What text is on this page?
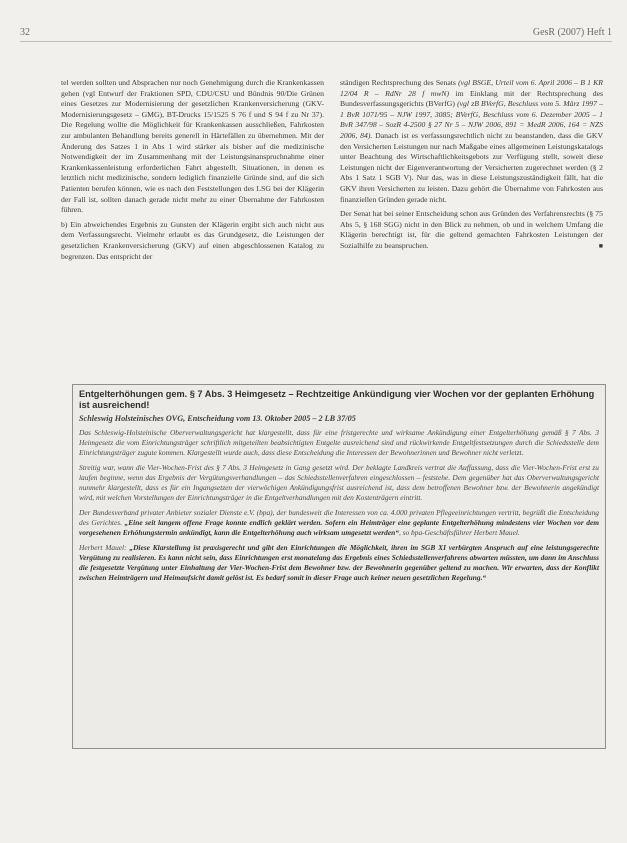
32	GesR (2007) Heft 1

tel werden sollten und Absprachen nur noch Genehmigung durch die Krankenkassen gehen (vgl Entwurf der Fraktionen SPD, CDU/CSU und Bündnis 90/Die Grünen eines Gesetzes zur Modernisierung der gesetzlichen Krankenversicherung (GKV-Modernisierungsgesetz – GMG), BT-Drucks 15/1525 S 76 f und S 94 f zu Nr 37). Die Regelung wollte die Möglichkeit für Krankenkassen ausschließen, Fahrkosten zur ambulanten Behandlung bereits generell in Härtefällen zu übernehmen. Mit der Änderung des Satzes 1 in Abs 1 wird stärker als bisher auf die medizinische Notwendigkeit der im Zusammenhang mit der Leistungsinanspruchnahme einer Krankenkassenleistung erforderlichen Fahrt abgestellt. Situationen, in denen es letztlich nicht medizinische, sondern lediglich finanzielle Gründe sind, auf die sich Patienten berufen können, wie es nach den Feststellungen des LSG bei der Klägerin der Fall ist, sollten danach gerade nicht mehr zu einer Übernahme der Fahrkosten führen.

b) Ein abweichendes Ergebnis zu Gunsten der Klägerin ergibt sich auch nicht aus dem Verfassungsrecht. Vielmehr erlaubt es das Grundgesetz, die Leistungen der gesetzlichen Krankenversicherung (GKV) auf einen abgeschlossenen Katalog zu begrenzen. Das entspricht der

ständigen Rechtsprechung des Senats (vgl BSGE, Urteil vom 6. April 2006 – B 1 KR 12/04 R – RdNr 28 f mwN) im Einklang mit der Rechtsprechung des Bundesverfassungsgerichts (BVerfG) (vgl zB BVerfG, Beschluss vom 5. März 1997 – 1 BvR 1071/95 – NJW 1997, 3085; BVerfG, Beschluss vom 6. Dezember 2005 – 1 BvR 347/98 – SozR 4-2500 § 27 Nr 5 – NJW 2006, 891 = MedR 2006, 164 = NZS 2006, 84). Danach ist es verfassungsrechtlich nicht zu beanstanden, dass die GKV den Versicherten Leistungen nur nach Maßgabe eines allgemeinen Leistungskatalogs unter Beachtung des Wirtschaftlichkeitsgebots zur Verfügung stellt, soweit diese Leistungen nicht der Eigenverantwortung der Versicherten zugerechnet werden (§ 2 Abs 1 Satz 1 SGB V). Nur das, was in diese Leistungszuständigkeit fällt, hat die GKV ihren Versicherten zu leisten. Dazu gehört die Übernahme von Fahrkosten aus finanziellen Gründen gerade nicht.

Der Senat hat bei seiner Entscheidung schon aus Gründen des Verfahrensrechts (§ 75 Abs 5, § 168 SGG) nicht in den Blick zu nehmen, ob und in welchem Umfang die Klägerin berechtigt ist, für die geltend gemachten Fahrkosten Leistungen der Sozialhilfe zu beanspruchen.	■

Entgelterhöhungen gem. § 7 Abs. 3 Heimgesetz – Rechtzeitige Ankündigung vier Wochen vor der geplanten Erhöhung ist ausreichend!
Schleswig Holsteinisches OVG, Entscheidung vom 13. Oktober 2005 – 2 LB 37/05

Das Schleswig-Holsteinische Oberverwaltungsgericht hat klargestellt, dass für eine fristgerechte und wirksame Ankündigung einer Entgelterhöhung gemäß § 7 Abs. 3 Heimgesetz die vom Einrichtungsträger schriftlich mitgeteilten beabsichtigten Entgelte ausreichend sind und rückwirkende Entgeltfestsetzungen durch die Schiedsstelle dem Einrichtungsträger zugute kommen. Klargestellt wurde auch, dass diese Entscheidung die Interessen der Bewohnerinnen und Bewohner nicht verletzt.

Streitig war, wann die Vier-Wochen-Frist des § 7 Abs. 3 Heimgesetz in Gang gesetzt wird. Der beklagte Landkreis vertrat die Auffassung, dass die Vier-Wochen-Frist erst zu laufen beginne, wenn das Ergebnis der Vergütungsverhandlungen – das Schiedsstellenverfahren eingeschlossen – feststehe. Dem gegenüber hat das Oberverwaltungsgericht nunmehr klargestellt, dass es für ein Ingangsetzen der vierwöchigen Ankündigungsfrist ausreichend ist, dass dem betroffenen Bewohner bzw. der Bewohnerin angekündigt wird, mit welchen Vorstellungen der Einrichtungsträger in die Entgeltverhandlungen mit den Kostenträgern eintritt.

Der Bundesverband privater Anbieter sozialer Dienste e.V. (bpa), der bundesweit die Interessen von ca. 4.000 privaten Pflegeeinrichtungen vertritt, begrüßt die Entscheidung des Gerichtes. „Eine seit langem offene Frage konnte endlich geklärt werden. Sofern ein Heimträger eine geplante Entgelterhöhung mindestens vier Wochen vor dem vorgesehenen Erhöhungstermin ankündigt, kann die Entgelterhöhung auch wirksam umgesetzt werden“, so bpa-Geschäftsführer Herbert Mauel.

Herbert Mauel: „Diese Klarstellung ist praxisgerecht und gibt den Einrichtungen die Möglichkeit, ihren im SGB XI verbürgten Anspruch auf eine leistungsgerechte Vergütung zu realisieren. Es kann nicht sein, dass Einrichtungen erst monatelang das Ergebnis eines Schiedsstellenverfahrens abwarten müssten, um dann im Anschluss die festgesetzte Vergütung unter Einhaltung der Vier-Wochen-Frist dem Bewohner bzw. der Bewohnerin gegenüber geltend zu machen. Wir erwarten, dass der Konflikt zwischen Heimträgern und Heimaufsicht damit gelöst ist. Es bedarf somit in dieser Frage auch keiner neuen gesetzlichen Regelung.“
